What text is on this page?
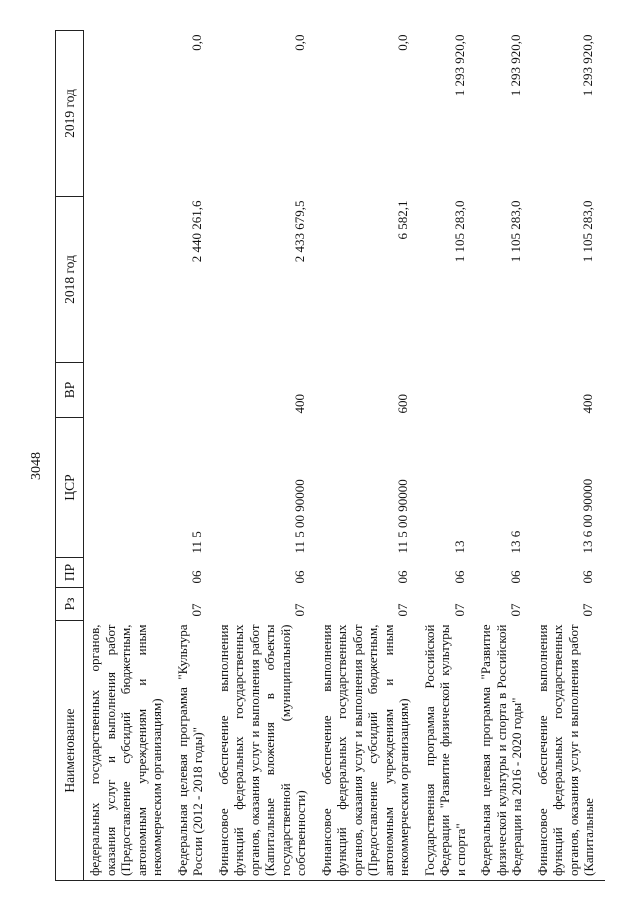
3048
Наименование	Рз	ПР	ЦСР	ВР	2018 год	2019 год
федеральных государственных органов, оказания услуг и выполнения работ (Предоставление субсидий бюджетным, автономным учреждениям и иным некоммерческим организациям)						
Федеральная целевая программа "Культура России (2012 - 2018 годы)"	07	06	11 5		2 440 261,6	0,0
Финансовое обеспечение выполнения функций федеральных государственных органов, оказания услуг и выполнения работ (Капитальные вложения в объекты государственной (муниципальной) собственности)	07	06	11 5 00 90000	400	2 433 679,5	0,0
Финансовое обеспечение выполнения функций федеральных государственных органов, оказания услуг и выполнения работ (Предоставление субсидий бюджетным, автономным учреждениям и иным некоммерческим организациям)	07	06	11 5 00 90000	600	6 582,1	0,0
Государственная программа Российской Федерации "Развитие физической культуры и спорта"	07	06	13		1 105 283,0	1 293 920,0
Федеральная целевая программа "Развитие физической культуры и спорта в Российской Федерации на 2016 - 2020 годы"	07	06	13 6		1 105 283,0	1 293 920,0
Финансовое обеспечение выполнения функций федеральных государственных органов, оказания услуг и выполнения работ (Капитальные	07	06	13 6 00 90000	400	1 105 283,0	1 293 920,0
